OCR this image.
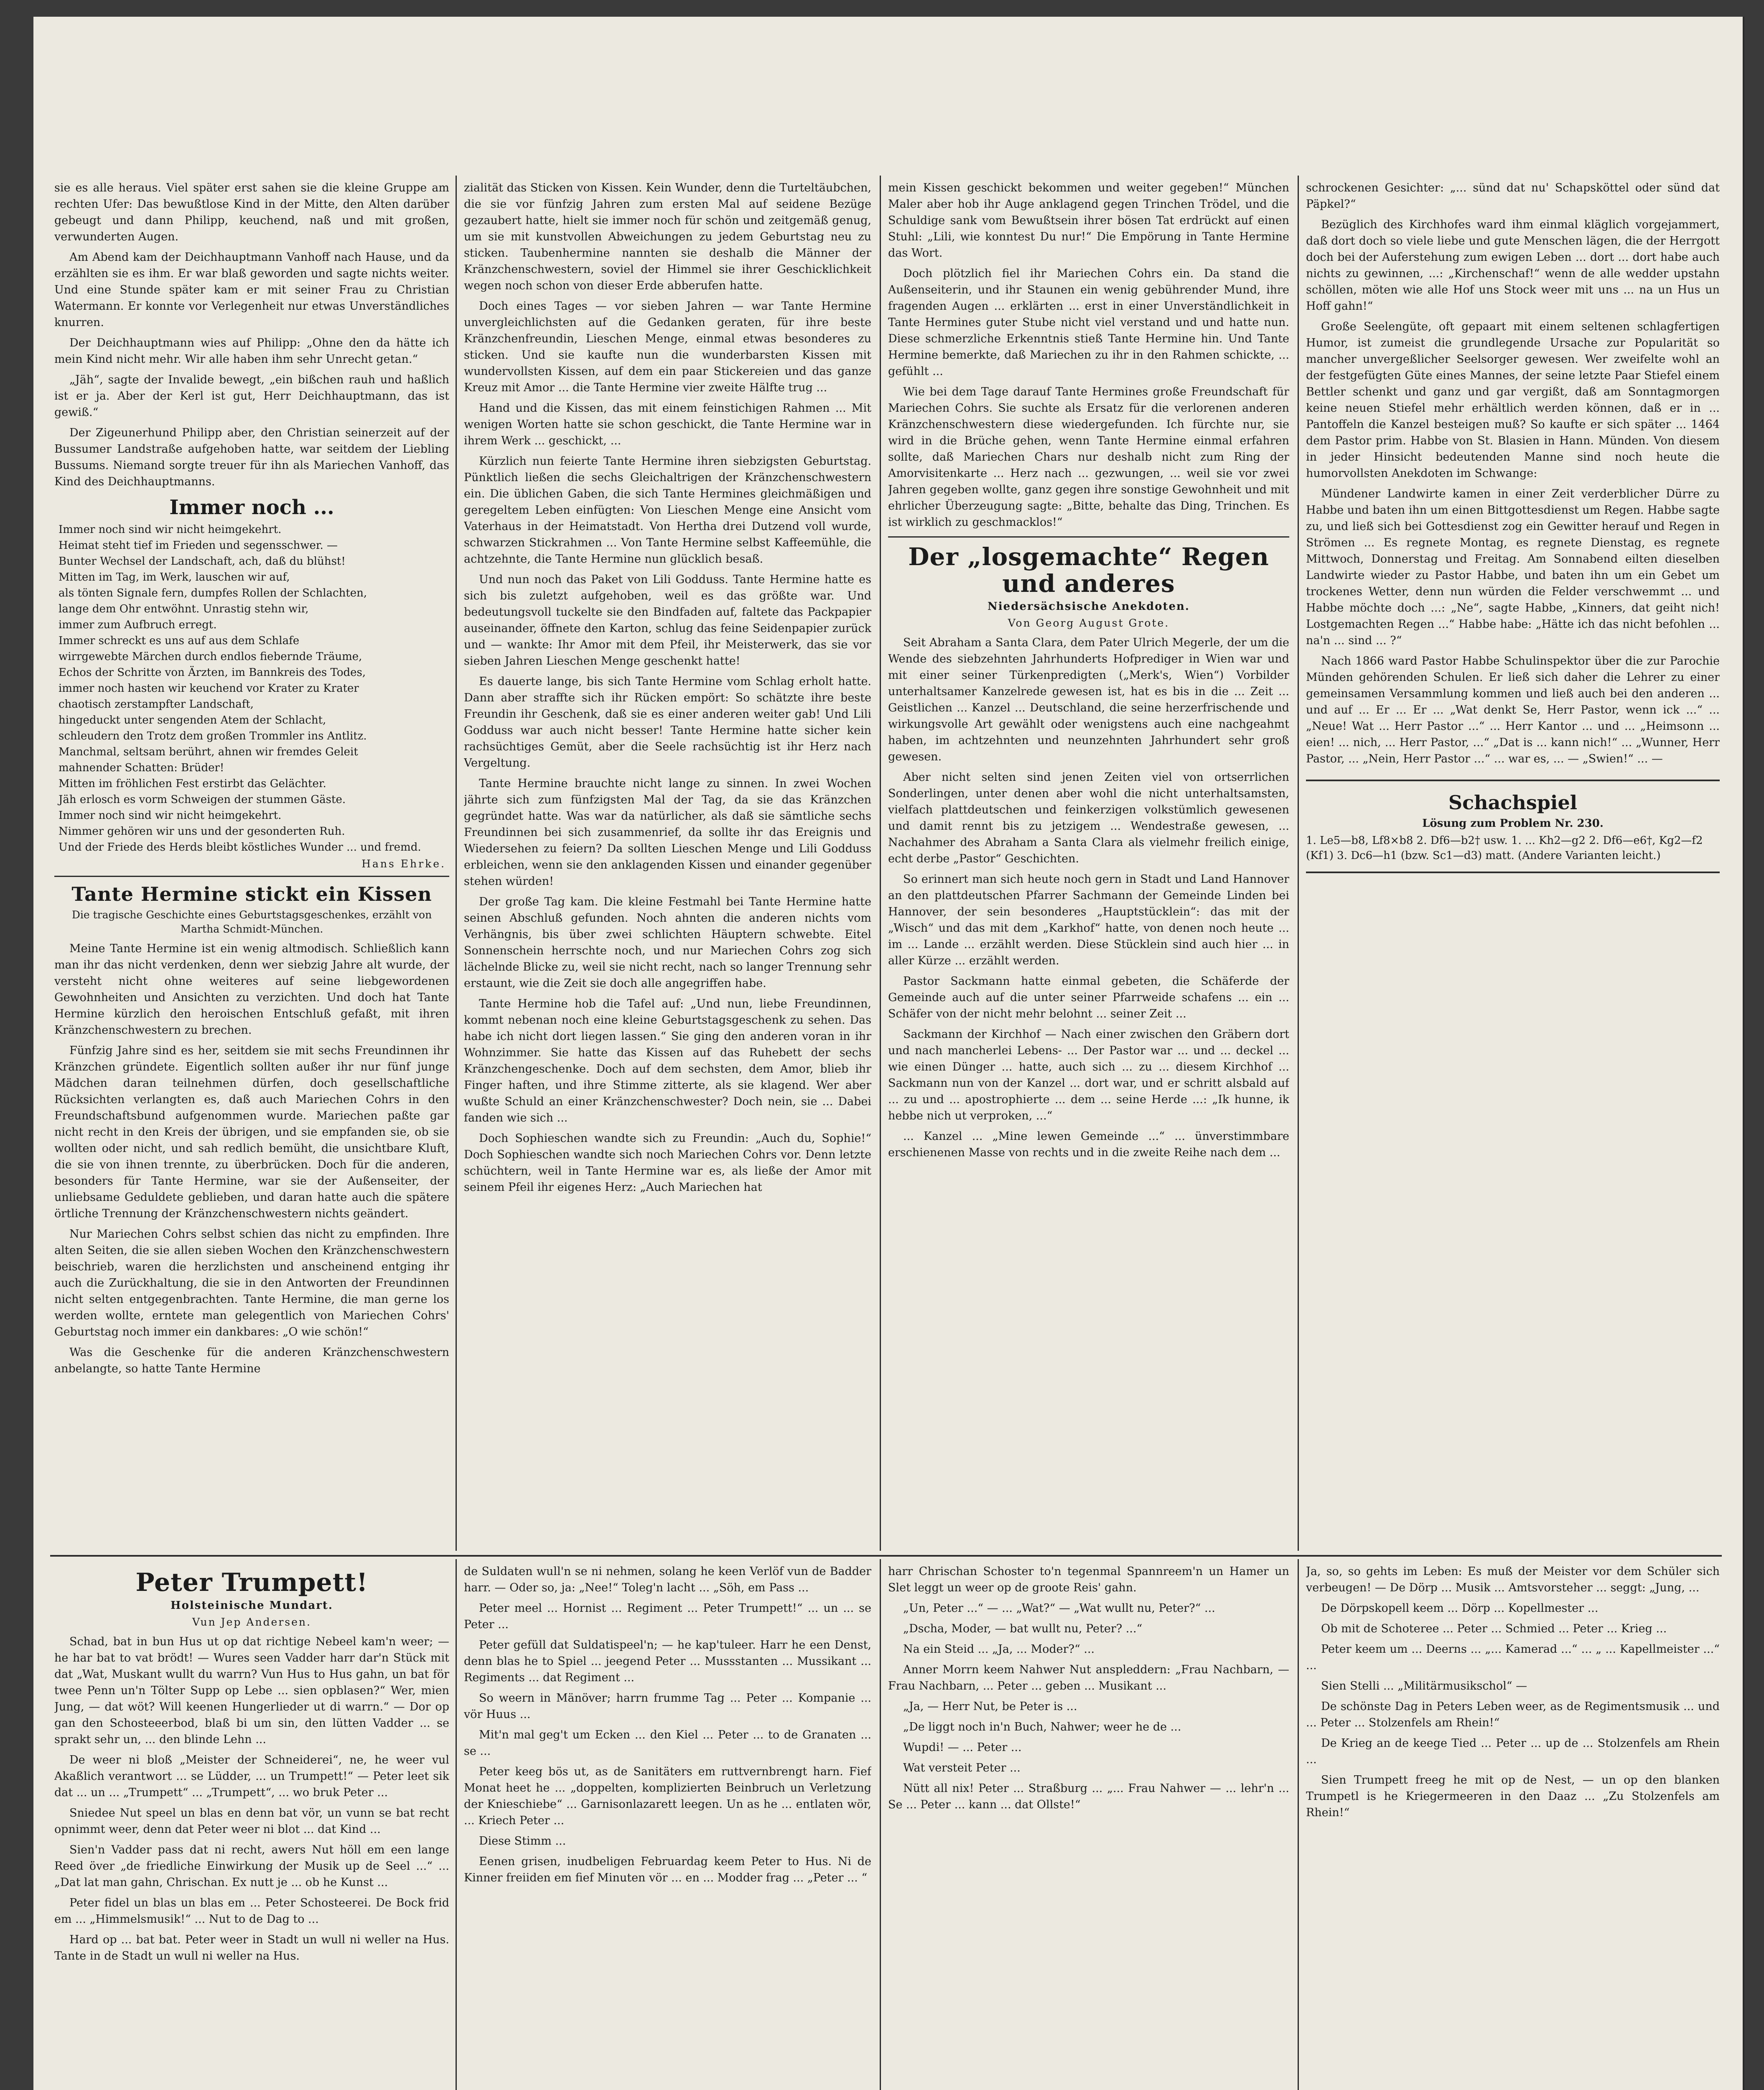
sie es alle heraus. Viel später erst sahen sie die kleine Gruppe am rechten Ufer: Das bewußtlose Kind in der Mitte, den Alten darüber gebeugt und dann Philipp, keuchend, naß und mit großen, verwunderten Augen.

Am Abend kam der Deichhauptmann Vanhoff nach Hause, und da erzählten sie es ihm. Er war blaß geworden und sagte nichts weiter. Und eine Stunde später kam er mit seiner Frau zu Christian Watermann. Er konnte vor Verlegenheit nur etwas Unverständliches knurren.

Der Deichhauptmann wies auf Philipp: „Ohne den da hätte ich mein Kind nicht mehr. Wir alle haben ihm sehr Unrecht getan.“

„Jäh“, sagte der Invalide bewegt, „ein bißchen rauh und haßlich ist er ja. Aber der Kerl ist gut, Herr Deichhauptmann, das ist gewiß.“

Der Zigeunerhund Philipp aber, den Christian seinerzeit auf der Bussumer Landstraße aufgehoben hatte, war seitdem der Liebling Bussums. Niemand sorgte treuer für ihn als Mariechen Vanhoff, das Kind des Deichhauptmanns.

Immer noch ...
Immer noch sind wir nicht heimgekehrt.
Heimat steht tief im Frieden und segensschwer. —
Bunter Wechsel der Landschaft, ach, daß du blühst!
Mitten im Tag, im Werk, lauschen wir auf,
als tönten Signale fern, dumpfes Rollen der Schlachten,
lange dem Ohr entwöhnt. Unrastig stehn wir,
immer zum Aufbruch erregt.
Immer schreckt es uns auf aus dem Schlafe
wirrgewebte Märchen durch endlos fiebernde Träume,
Echos der Schritte von Ärzten, im Bannkreis des Todes,
immer noch hasten wir keuchend vor Krater zu Krater
chaotisch zerstampfter Landschaft,
hingeduckt unter sengenden Atem der Schlacht,
schleudern den Trotz dem großen Trommler ins Antlitz.
Manchmal, seltsam berührt, ahnen wir fremdes Geleit
mahnender Schatten: Brüder!
Mitten im fröhlichen Fest erstirbt das Gelächter.
Jäh erlosch es vorm Schweigen der stummen Gäste.
Immer noch sind wir nicht heimgekehrt.
Nimmer gehören wir uns und der gesonderten Ruh.
Und der Friede des Herds bleibt köstliches Wunder ... und fremd.
Hans Ehrke.
Tante Hermine stickt ein Kissen
Die tragische Geschichte eines Geburtstagsgeschenkes, erzählt von Martha Schmidt-München.

Meine Tante Hermine ist ein wenig altmodisch. Schließlich kann man ihr das nicht verdenken, denn wer siebzig Jahre alt wurde, der versteht nicht ohne weiteres auf seine liebgewordenen Gewohnheiten und Ansichten zu verzichten. Und doch hat Tante Hermine kürzlich den heroischen Entschluß gefaßt, mit ihren Kränzchenschwestern zu brechen.

Fünfzig Jahre sind es her, seitdem sie mit sechs Freundinnen ihr Kränzchen gründete. Eigentlich sollten außer ihr nur fünf junge Mädchen daran teilnehmen dürfen, doch gesellschaftliche Rücksichten verlangten es, daß auch Mariechen Cohrs in den Freundschaftsbund aufgenommen wurde. Mariechen paßte gar nicht recht in den Kreis der übrigen, und sie empfanden sie, ob sie wollten oder nicht, und sah redlich bemüht, die unsichtbare Kluft, die sie von ihnen trennte, zu überbrücken. Doch für die anderen, besonders für Tante Hermine, war sie der Außenseiter, der unliebsame Geduldete geblieben, und daran hatte auch die spätere örtliche Trennung der Kränzchenschwestern nichts geändert.

Nur Mariechen Cohrs selbst schien das nicht zu empfinden. Ihre alten Seiten, die sie allen sieben Wochen den Kränzchenschwestern beischrieb, waren die herzlichsten und anscheinend entging ihr auch die Zurückhaltung, die sie in den Antworten der Freundinnen nicht selten entgegenbrachten. Tante Hermine, die man gerne los werden wollte, erntete man gelegentlich von Mariechen Cohrs' Geburtstag noch immer ein dankbares: „O wie schön!“

Was die Geschenke für die anderen Kränzchenschwestern anbelangte, so hatte Tante Hermine

zialität das Sticken von Kissen. Kein Wunder, denn die Turteltäubchen, die sie vor fünfzig Jahren zum ersten Mal auf seidene Bezüge gezaubert hatte, hielt sie immer noch für schön und zeitgemäß genug, um sie mit kunstvollen Abweichungen zu jedem Geburtstag neu zu sticken. Taubenhermine nannten sie deshalb die Männer der Kränzchenschwestern, soviel der Himmel sie ihrer Geschicklichkeit wegen noch schon von dieser Erde abberufen hatte.

Doch eines Tages — vor sieben Jahren — war Tante Hermine unvergleichlichsten auf die Gedanken geraten, für ihre beste Kränzchenfreundin, Lieschen Menge, einmal etwas besonderes zu sticken. Und sie kaufte nun die wunderbarsten Kissen mit wundervollsten Kissen, auf dem ein paar Stickereien und das ganze Kreuz mit Amor ... die Tante Hermine vier zweite Hälfte trug ...

Hand und die Kissen, das mit einem feinstichigen Rahmen ... Mit wenigen Worten hatte sie schon geschickt, die Tante Hermine war in ihrem Werk ... geschickt, ...

Kürzlich nun feierte Tante Hermine ihren siebzigsten Geburtstag. Pünktlich ließen die sechs Gleichaltrigen der Kränzchenschwestern ein. Die üblichen Gaben, die sich Tante Hermines gleichmäßigen und geregeltem Leben einfügten: Von Lieschen Menge eine Ansicht vom Vaterhaus in der Heimatstadt. Von Hertha drei Dutzend voll wurde, schwarzen Stickrahmen ... Von Tante Hermine selbst Kaffeemühle, die achtzehnte, die Tante Hermine nun glücklich besaß.

Und nun noch das Paket von Lili Godduss. Tante Hermine hatte es sich bis zuletzt aufgehoben, weil es das größte war. Und bedeutungsvoll tuckelte sie den Bindfaden auf, faltete das Packpapier auseinander, öffnete den Karton, schlug das feine Seidenpapier zurück und — wankte: Ihr Amor mit dem Pfeil, ihr Meisterwerk, das sie vor sieben Jahren Lieschen Menge geschenkt hatte!

Es dauerte lange, bis sich Tante Hermine vom Schlag erholt hatte. Dann aber straffte sich ihr Rücken empört: So schätzte ihre beste Freundin ihr Geschenk, daß sie es einer anderen weiter gab! Und Lili Godduss war auch nicht besser! Tante Hermine hatte sicher kein rachsüchtiges Gemüt, aber die Seele rachsüchtig ist ihr Herz nach Vergeltung.

Tante Hermine brauchte nicht lange zu sinnen. In zwei Wochen jährte sich zum fünfzigsten Mal der Tag, da sie das Kränzchen gegründet hatte. Was war da natürlicher, als daß sie sämtliche sechs Freundinnen bei sich zusammenrief, da sollte ihr das Ereignis und Wiedersehen zu feiern? Da sollten Lieschen Menge und Lili Godduss erbleichen, wenn sie den anklagenden Kissen und einander gegenüber stehen würden!

Der große Tag kam. Die kleine Festmahl bei Tante Hermine hatte seinen Abschluß gefunden. Noch ahnten die anderen nichts vom Verhängnis, bis über zwei schlichten Häuptern schwebte. Eitel Sonnenschein herrschte noch, und nur Mariechen Cohrs zog sich lächelnde Blicke zu, weil sie nicht recht, nach so langer Trennung sehr erstaunt, wie die Zeit sie doch alle angegriffen habe.

Tante Hermine hob die Tafel auf: „Und nun, liebe Freundinnen, kommt nebenan noch eine kleine Geburtstagsgeschenk zu sehen. Das habe ich nicht dort liegen lassen.“ Sie ging den anderen voran in ihr Wohnzimmer. Sie hatte das Kissen auf das Ruhebett der sechs Kränzchengeschenke. Doch auf dem sechsten, dem Amor, blieb ihr Finger haften, und ihre Stimme zitterte, als sie klagend. Wer aber wußte Schuld an einer Kränzchenschwester? Doch nein, sie ... Dabei fanden wie sich ...

Doch Sophieschen wandte sich zu Freundin: „Auch du, Sophie!“ Doch Sophieschen wandte sich noch Mariechen Cohrs vor. Denn letzte schüchtern, weil in Tante Hermine war es, als ließe der Amor mit seinem Pfeil ihr eigenes Herz: „Auch Mariechen hat

mein Kissen geschickt bekommen und weiter gegeben!“ München Maler aber hob ihr Auge anklagend gegen Trinchen Trödel, und die Schuldige sank vom Bewußtsein ihrer bösen Tat erdrückt auf einen Stuhl: „Lili, wie konntest Du nur!“ Die Empörung in Tante Hermine das Wort.

Doch plötzlich fiel ihr Mariechen Cohrs ein. Da stand die Außenseiterin, und ihr Staunen ein wenig gebührender Mund, ihre fragenden Augen ... erklärten ... erst in einer Unverständlichkeit in Tante Hermines guter Stube nicht viel verstand und und hatte nun. Diese schmerzliche Erkenntnis stieß Tante Hermine hin. Und Tante Hermine bemerkte, daß Mariechen zu ihr in den Rahmen schickte, ... gefühlt ...

Wie bei dem Tage darauf Tante Hermines große Freundschaft für Mariechen Cohrs. Sie suchte als Ersatz für die verlorenen anderen Kränzchenschwestern diese wiedergefunden. Ich fürchte nur, sie wird in die Brüche gehen, wenn Tante Hermine einmal erfahren sollte, daß Mariechen Chars nur deshalb nicht zum Ring der Amorvisitenkarte ... Herz nach ... gezwungen, ... weil sie vor zwei Jahren gegeben wollte, ganz gegen ihre sonstige Gewohnheit und mit ehrlicher Überzeugung sagte: „Bitte, behalte das Ding, Trinchen. Es ist wirklich zu geschmacklos!“

Der „losgemachte“ Regen und anderes
Niedersächsische Anekdoten.
Von Georg August Grote.

Seit Abraham a Santa Clara, dem Pater Ulrich Megerle, der um die Wende des siebzehnten Jahrhunderts Hofprediger in Wien war und mit einer seiner Türkenpredigten („Merk's, Wien“) Vorbilder unterhaltsamer Kanzelrede gewesen ist, hat es bis in die ... Zeit ... Geistlichen ... Kanzel ... Deutschland, die seine herzerfrischende und wirkungsvolle Art gewählt oder wenigstens auch eine nachgeahmt haben, im achtzehnten und neunzehnten Jahrhundert sehr groß gewesen.

Aber nicht selten sind jenen Zeiten viel von ortserrlichen Sonderlingen, unter denen aber wohl die nicht unterhaltsamsten, vielfach plattdeutschen und feinkerzigen volkstümlich gewesenen und damit rennt bis zu jetzigem ... Wendestraße gewesen, ... Nachahmer des Abraham a Santa Clara als vielmehr freilich einige, echt derbe „Pastor“ Geschichten.

So erinnert man sich heute noch gern in Stadt und Land Hannover an den plattdeutschen Pfarrer Sachmann der Gemeinde Linden bei Hannover, der sein besonderes „Hauptstücklein“: das mit der „Wisch“ und das mit dem „Karkhof“ hatte, von denen noch heute ... im ... Lande ... erzählt werden. Diese Stücklein sind auch hier ... in aller Kürze ... erzählt werden.

Pastor Sackmann hatte einmal gebeten, die Schäferde der Gemeinde auch auf die unter seiner Pfarrweide schafens ... ein ... Schäfer von der nicht mehr belohnt ... seiner Zeit ...

Sackmann der Kirchhof — Nach einer zwischen den Gräbern dort und nach mancherlei Lebens- ... Der Pastor war ... und ... deckel ... wie einen Dünger ... hatte, auch sich ... zu ... diesem Kirchhof ... Sackmann nun von der Kanzel ... dort war, und er schritt alsbald auf ... zu und ... apostrophierte ... dem ... seine Herde ...: „Ik hunne, ik hebbe nich ut verproken, ...“

... Kanzel ... „Mine lewen Gemeinde ...“ ... ünverstimmbare erschienenen Masse von rechts und in die zweite Reihe nach dem ...

schrockenen Gesichter: „... sünd dat nu' Schapsköttel oder sünd dat Päpkel?“

Bezüglich des Kirchhofes ward ihm einmal kläglich vorgejammert, daß dort doch so viele liebe und gute Menschen lägen, die der Herrgott doch bei der Auferstehung zum ewigen Leben ... dort ... dort habe auch nichts zu gewinnen, ...: „Kirchenschaf!“ wenn de alle wedder upstahn schöllen, möten wie alle Hof uns Stock weer mit uns ... na un Hus un Hoff gahn!“

Große Seelengüte, oft gepaart mit einem seltenen schlagfertigen Humor, ist zumeist die grundlegende Ursache zur Popularität so mancher unvergeßlicher Seelsorger gewesen. Wer zweifelte wohl an der festgefügten Güte eines Mannes, der seine letzte Paar Stiefel einem Bettler schenkt und ganz und gar vergißt, daß am Sonntagmorgen keine neuen Stiefel mehr erhältlich werden können, daß er in ... Pantoffeln die Kanzel besteigen muß? So kaufte er sich später ... 1464 dem Pastor prim. Habbe von St. Blasien in Hann. Münden. Von diesem in jeder Hinsicht bedeutenden Manne sind noch heute die humorvollsten Anekdoten im Schwange:

Mündener Landwirte kamen in einer Zeit verderblicher Dürre zu Habbe und baten ihn um einen Bittgottesdienst um Regen. Habbe sagte zu, und ließ sich bei Gottesdienst zog ein Gewitter herauf und Regen in Strömen ... Es regnete Montag, es regnete Dienstag, es regnete Mittwoch, Donnerstag und Freitag. Am Sonnabend eilten dieselben Landwirte wieder zu Pastor Habbe, und baten ihn um ein Gebet um trockenes Wetter, denn nun würden die Felder verschwemmt ... und Habbe möchte doch ...: „Ne“, sagte Habbe, „Kinners, dat geiht nich! Lostgemachten Regen ...“ Habbe habe: „Hätte ich das nicht befohlen ... na'n ... sind ... ?“

Nach 1866 ward Pastor Habbe Schulinspektor über die zur Parochie Münden gehörenden Schulen. Er ließ sich daher die Lehrer zu einer gemeinsamen Versammlung kommen und ließ auch bei den anderen ... und auf ... Er ... Er ... „Wat denkt Se, Herr Pastor, wenn ick ...“ ... „Neue! Wat ... Herr Pastor ...“ ... Herr Kantor ... und ... „Heimsonn ... eien! ... nich, ... Herr Pastor, ...“ „Dat is ... kann nich!“ ... „Wunner, Herr Pastor, ... „Nein, Herr Pastor ...“ ... war es, ... — „Swien!“ ... —

Schachspiel
Lösung zum Problem Nr. 230.

1. Le5—b8, Lf8×b8 2. Df6—b2† usw. 1. ... Kh2—g2 2. Df6—e6†, Kg2—f2 (Kf1) 3. Dc6—h1 (bzw. Sc1—d3) matt. (Andere Varianten leicht.)

Peter Trumpett!
Holsteinische Mundart.
Vun Jep Andersen.

Schad, bat in bun Hus ut op dat richtige Nebeel kam'n weer; — he har bat to vat brödt! — Wures seen Vadder harr dar'n Stück mit dat „Wat, Muskant wullt du warrn? Vun Hus to Hus gahn, un bat för twee Penn un'n Tölter Supp op Lebe ... sien opblasen?“ Wer, mien Jung, — dat wöt? Will keenen Hungerlieder ut di warrn.“ — Dor op gan den Schosteeerbod, blaß bi um sin, den lütten Vadder ... se sprakt sehr un, ... den blinde Lehn ...

De weer ni bloß „Meister der Schneiderei“, ne, he weer vul Akaßlich verantwort ... se Lüdder, ... un Trumpett!“ — Peter leet sik dat ... un ... „Trumpett“ ... „Trumpett“, ... wo bruk Peter ...

Sniedee Nut speel un blas en denn bat vör, un vunn se bat recht opnimmt weer, denn dat Peter weer ni blot ... dat Kind ...

Sien'n Vadder pass dat ni recht, awers Nut höll em een lange Reed över „de friedliche Einwirkung der Musik up de Seel ...“ ... „Dat lat man gahn, Chrischan. Ex nutt je ... ob he Kunst ...

Peter fidel un blas un blas em ... Peter Schosteerei. De Bock frid em ... „Himmelsmusik!“ ... Nut to de Dag to ...

Hard op ... bat bat. Peter weer in Stadt un wull ni weller na Hus. Tante in de Stadt un wull ni weller na Hus.

de Suldaten wull'n se ni nehmen, solang he keen Verlöf vun de Badder harr. — Oder so, ja: „Nee!“ Toleg'n lacht ... „Söh, em Pass ...

Peter meel ... Hornist ... Regiment ... Peter Trumpett!“ ... un ... se Peter ...

Peter gefüll dat Suldatispeel'n; — he kap'tuleer. Harr he een Denst, denn blas he to Spiel ... jeegend Peter ... Mussstanten ... Mussikant ... Regiments ... dat Regiment ...

So weern in Mänöver; harrn frumme Tag ... Peter ... Kompanie ... vör Huus ...

Mit'n mal geg't um Ecken ... den Kiel ... Peter ... to de Granaten ... se ...

Peter keeg bös ut, as de Sanitäters em ruttvernbrengt harn. Fief Monat heet he ... „doppelten, komplizierten Beinbruch un Verletzung der Knieschiebe“ ... Garnisonlazarett leegen. Un as he ... entlaten wör, ... Kriech Peter ...

Diese Stimm ...

Eenen grisen, inudbeligen Februardag keem Peter to Hus. Ni de Kinner freiiden em fief Minuten vör ... en ... Modder frag ... „Peter ... “

harr Chrischan Schoster to'n tegenmal Spannreem'n un Hamer un Slet leggt un weer op de groote Reis' gahn.

„Un, Peter ...“ — ... „Wat?“ — „Wat wullt nu, Peter?“ ...

„Dscha, Moder, — bat wullt nu, Peter? ...“

Na ein Steid ... „Ja, ... Moder?“ ...

Anner Morrn keem Nahwer Nut anspleddern: „Frau Nachbarn, — Frau Nachbarn, ... Peter ... geben ... Musikant ...

„Ja, — Herr Nut, be Peter is ...

„De liggt noch in'n Buch, Nahwer; weer he de ...

Wupdi! — ... Peter ...

Wat versteit Peter ...

Nütt all nix! Peter ... Straßburg ... „... Frau Nahwer — ... lehr'n ... Se ... Peter ... kann ... dat Ollste!“

Ja, so, so gehts im Leben: Es muß der Meister vor dem Schüler sich verbeugen! — De Dörp ... Musik ... Amtsvorsteher ... seggt: „Jung, ...

De Dörpskopell keem ... Dörp ... Kopellmester ...

Ob mit de Schoteree ... Peter ... Schmied ... Peter ... Krieg ...

Peter keem um ... Deerns ... „... Kamerad ...“ ... „ ... Kapellmeister ...“ ...

Sien Stelli ... „Militärmusikschol“ —

De schönste Dag in Peters Leben weer, as de Regimentsmusik ... und ... Peter ... Stolzenfels am Rhein!“

De Krieg an de keege Tied ... Peter ... up de ... Stolzenfels am Rhein ...

Sien Trumpett freeg he mit op de Nest, — un op den blanken Trumpetl is he Kriegermeeren in den Daaz ... „Zu Stolzenfels am Rhein!“
